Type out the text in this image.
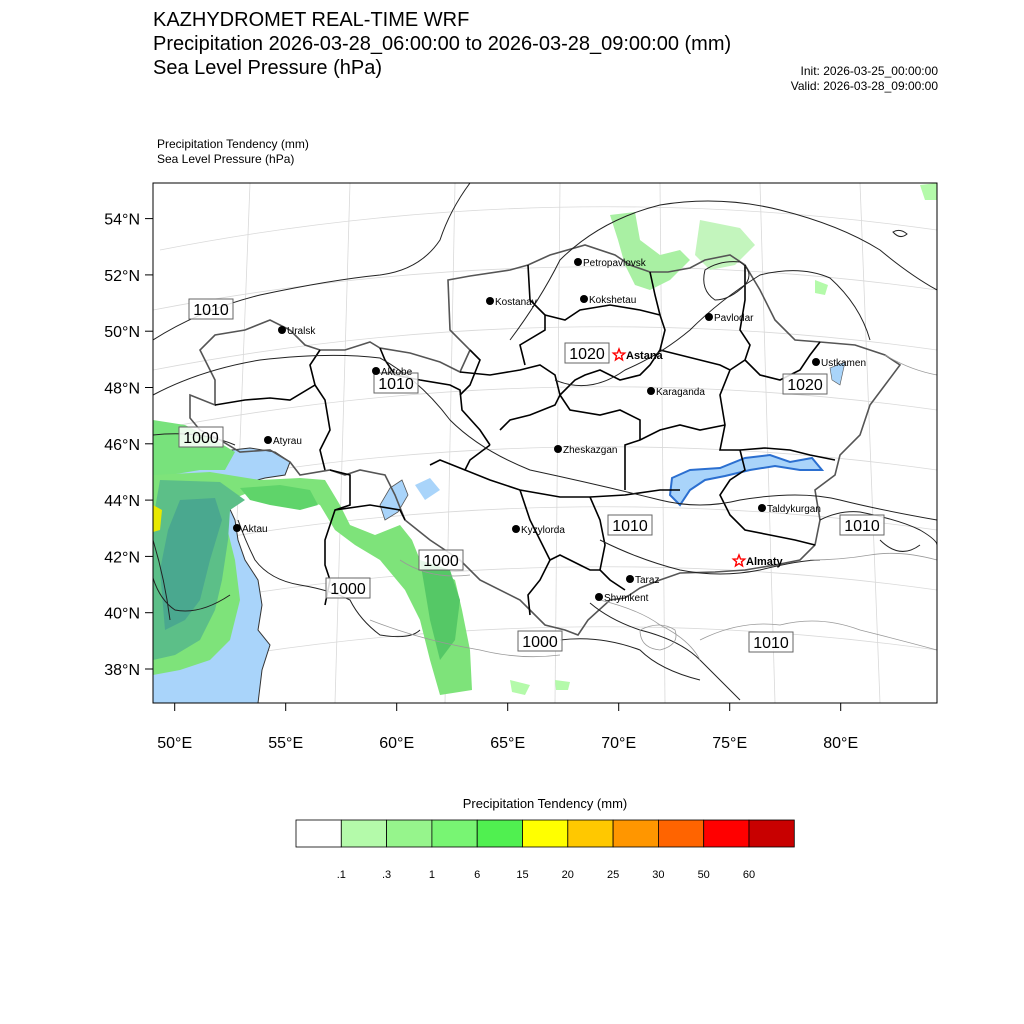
KAZHYDROMET REAL-TIME WRF
Precipitation 2026-03-28_06:00:00 to 2026-03-28_09:00:00 (mm)
Sea Level Pressure (hPa)	Init: 2026-03-25_00:00:00
Valid: 2026-03-28_09:00:00
Precipitation Tendency (mm)
Sea Level Pressure (hPa)
54°N
52°N
50°N
48°N
46°N
44°N
42°N
40°N
38°N
50°E	55°E	60°E	65°E	70°E	75°E	80°E
1010
1020
1010	1020
1000
1010	1010
1000
1000
1000	1010
Petropavlovsk
Kostanay	Kokshetau
Pavlodar
Uralsk
Astana
Ustkamen
Aktobe
Karaganda
Atyrau
Zheskazgan
Taldykurgan
Aktau	Kyzylorda
Almaty
Taraz
Shymkent
.1	.3	1	6	15	20	25	30	50	60
Precipitation Tendency (mm)
